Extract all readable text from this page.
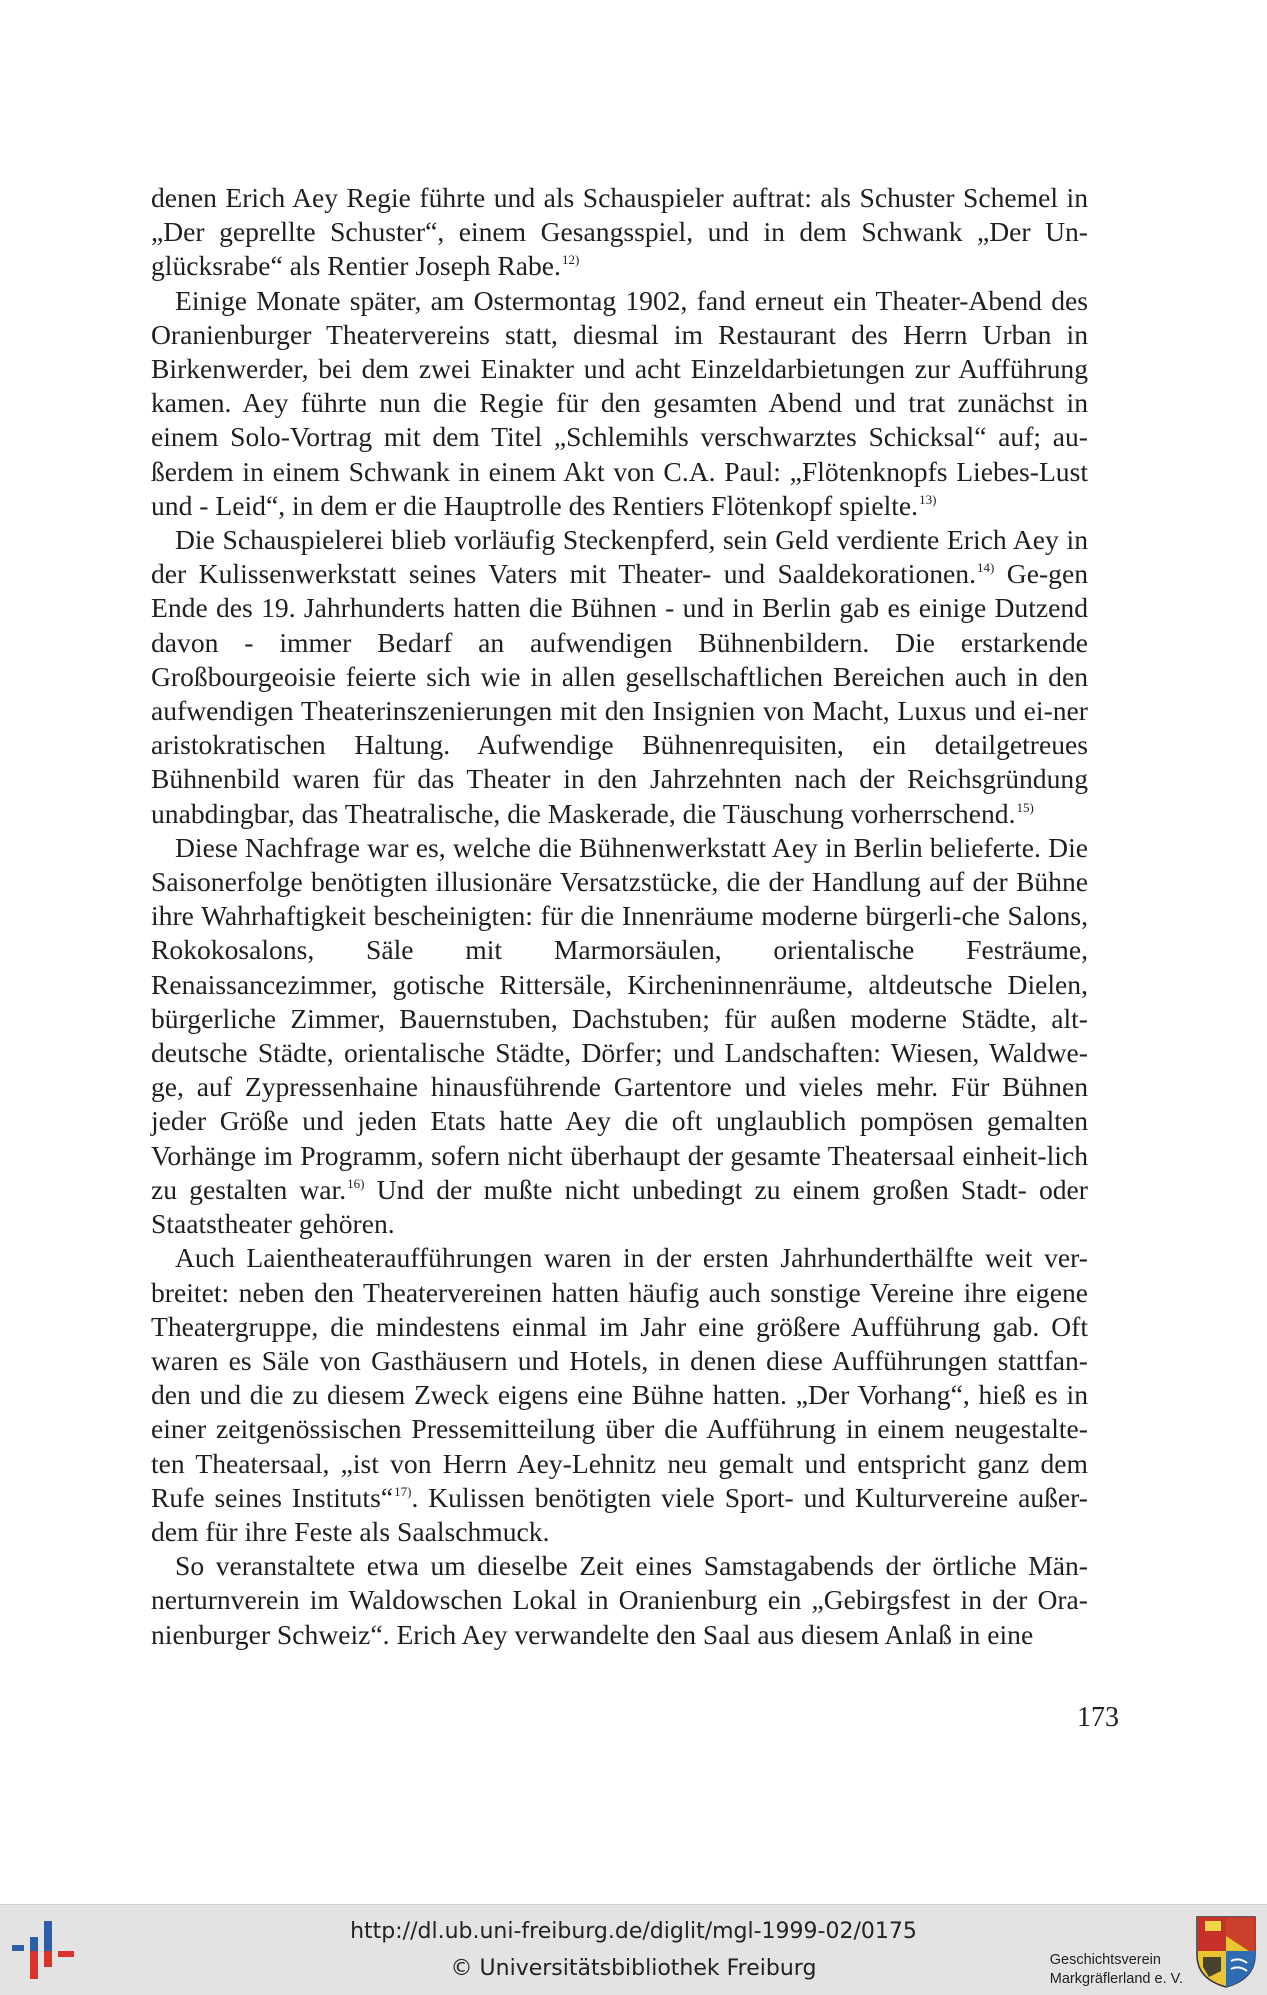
denen Erich Aey Regie führte und als Schauspieler auftrat: als Schuster Schemel in „Der geprellte Schuster“, einem Gesangsspiel, und in dem Schwank „Der Un-glücksrabe“ als Rentier Joseph Rabe.$^{12)}$

Einige Monate später, am Ostermontag 1902, fand erneut ein Theater-Abend des Oranienburger Theatervereins statt, diesmal im Restaurant des Herrn Urban in Birkenwerder, bei dem zwei Einakter und acht Einzeldarbietungen zur Aufführung kamen. Aey führte nun die Regie für den gesamten Abend und trat zunächst in einem Solo-Vortrag mit dem Titel „Schlemihls verschwarztes Schicksal“ auf; au-ßerdem in einem Schwank in einem Akt von C.A. Paul: „Flötenknopfs Liebes-Lust und - Leid“, in dem er die Hauptrolle des Rentiers Flötenkopf spielte.$^{13)}$

Die Schauspielerei blieb vorläufig Steckenpferd, sein Geld verdiente Erich Aey in der Kulissenwerkstatt seines Vaters mit Theater- und Saaldekorationen.$^{14)}$ Ge-gen Ende des 19. Jahrhunderts hatten die Bühnen - und in Berlin gab es einige Dutzend davon - immer Bedarf an aufwendigen Bühnenbildern. Die erstarkende Großbourgeoisie feierte sich wie in allen gesellschaftlichen Bereichen auch in den aufwendigen Theaterinszenierungen mit den Insignien von Macht, Luxus und ei-ner aristokratischen Haltung. Aufwendige Bühnenrequisiten, ein detailgetreues Bühnenbild waren für das Theater in den Jahrzehnten nach der Reichsgründung unabdingbar, das Theatralische, die Maskerade, die Täuschung vorherrschend.$^{15)}$

Diese Nachfrage war es, welche die Bühnenwerkstatt Aey in Berlin belieferte. Die Saisonerfolge benötigten illusionäre Versatzstücke, die der Handlung auf der Bühne ihre Wahrhaftigkeit bescheinigten: für die Innenräume moderne bürgerli-che Salons, Rokokosalons, Säle mit Marmorsäulen, orientalische Festräume, Renaissancezimmer, gotische Rittersäle, Kircheninnenräume, altdeutsche Dielen, bürgerliche Zimmer, Bauernstuben, Dachstuben; für außen moderne Städte, alt-deutsche Städte, orientalische Städte, Dörfer; und Landschaften: Wiesen, Waldwe-ge, auf Zypressenhaine hinausführende Gartentore und vieles mehr. Für Bühnen jeder Größe und jeden Etats hatte Aey die oft unglaublich pompösen gemalten Vorhänge im Programm, sofern nicht überhaupt der gesamte Theatersaal einheit-lich zu gestalten war.$^{16)}$ Und der mußte nicht unbedingt zu einem großen Stadt- oder Staatstheater gehören.

Auch Laientheateraufführungen waren in der ersten Jahrhunderthälfte weit ver-breitet: neben den Theatervereinen hatten häufig auch sonstige Vereine ihre eigene Theatergruppe, die mindestens einmal im Jahr eine größere Aufführung gab. Oft waren es Säle von Gasthäusern und Hotels, in denen diese Aufführungen stattfan-den und die zu diesem Zweck eigens eine Bühne hatten. „Der Vorhang“, hieß es in einer zeitgenössischen Pressemitteilung über die Aufführung in einem neugestalte-ten Theatersaal, „ist von Herrn Aey-Lehnitz neu gemalt und entspricht ganz dem Rufe seines Instituts“$^{17)}$. Kulissen benötigten viele Sport- und Kulturvereine außer-dem für ihre Feste als Saalschmuck.

So veranstaltete etwa um dieselbe Zeit eines Samstagabends der örtliche Män-nerturnverein im Waldowschen Lokal in Oranienburg ein „Gebirgsfest in der Ora-nienburger Schweiz“. Erich Aey verwandelte den Saal aus diesem Anlaß in eine

173
http://dl.ub.uni-freiburg.de/diglit/mgl-1999-02/0175
© Universitätsbibliothek Freiburg	Geschichtsverein
Markgräflerland e. V.
